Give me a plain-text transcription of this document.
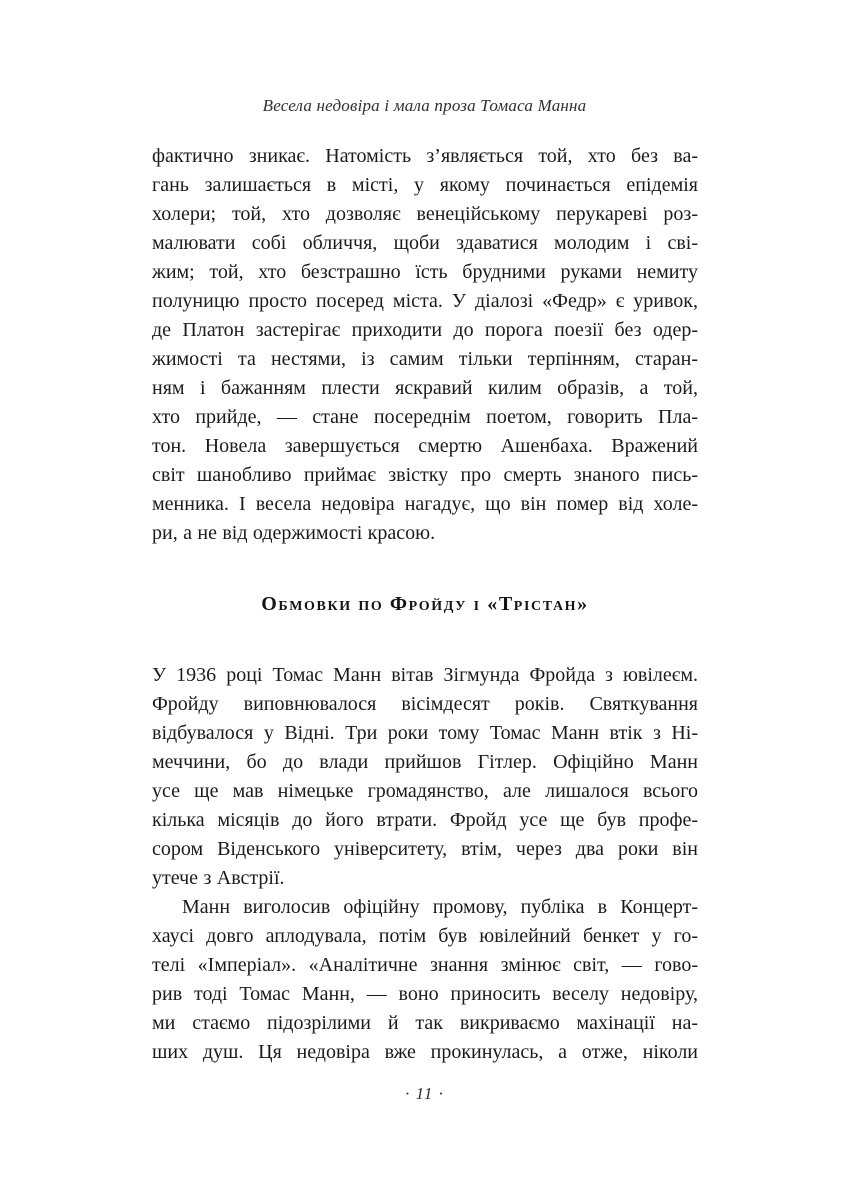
Весела недовіра і мала проза Томаса Манна
фактично зникає. Натомість з’являється той, хто без ва-
гань залишається в місті, у якому починається епідемія
холери; той, хто дозволяє венеційському перукареві роз-
малювати собі обличчя, щоби здаватися молодим і сві-
жим; той, хто безстрашно їсть брудними руками немиту
полуницю просто посеред міста. У діалозі «Федр» є уривок,
де Платон застерігає приходити до порога поезії без одер-
жимості та нестями, із самим тільки терпінням, старан-
ням і бажанням плести яскравий килим образів, а той,
хто прийде, — стане посереднім поетом, говорить Пла-
тон. Новела завершується смертю Ашенбаха. Вражений
світ шанобливо приймає звістку про смерть знаного пись-
менника. І весела недовіра нагадує, що він помер від холе-
ри, а не від одержимості красою.
Обмовки по Фройду і «Трістан»
У 1936 році Томас Манн вітав Зігмунда Фройда з ювілеєм.
Фройду виповнювалося вісімдесят років. Святкування
відбувалося у Відні. Три роки тому Томас Манн втік з Ні-
меччини, бо до влади прийшов Гітлер. Офіційно Манн
усе ще мав німецьке громадянство, але лишалося всього
кілька місяців до його втрати. Фройд усе ще був профе-
сором Віденського університету, втім, через два роки він
утече з Австрії.
Манн виголосив офіційну промову, публіка в Концерт-
хаусі довго аплодувала, потім був ювілейний бенкет у го-
телі «Імперіал». «Аналітичне знання змінює світ, — гово-
рив тоді Томас Манн, — воно приносить веселу недовіру,
ми стаємо підозрілими й так викриваємо махінації на-
ших душ. Ця недовіра вже прокинулась, а отже, ніколи
· 11 ·
